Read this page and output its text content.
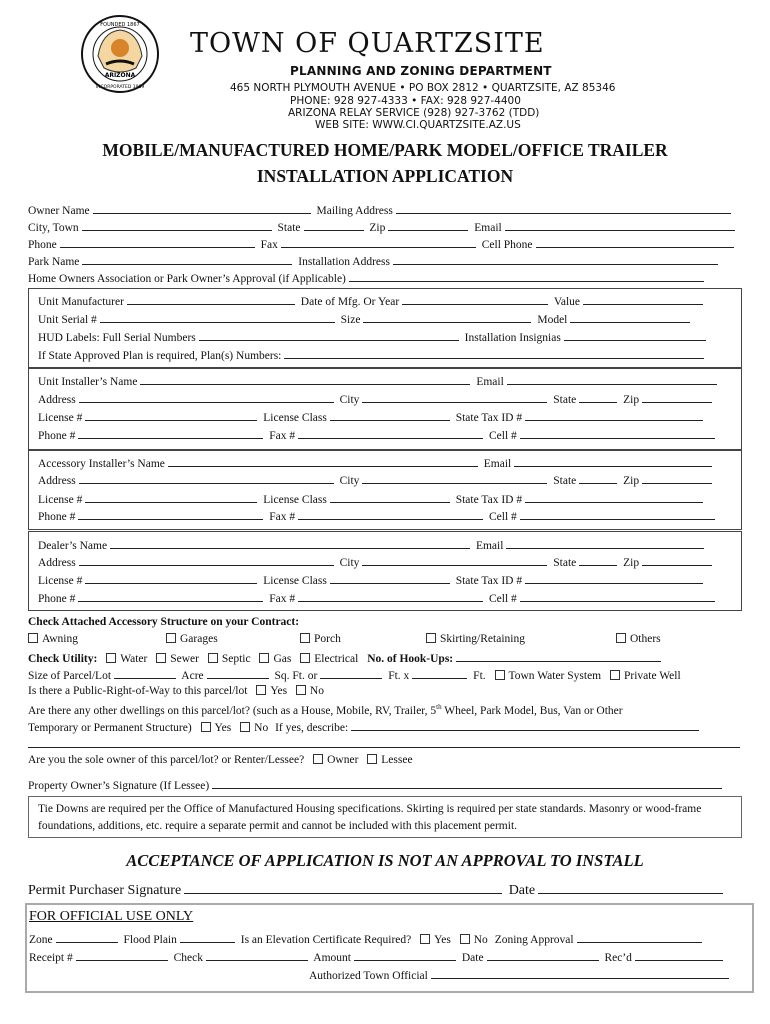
FOUNDED 1867
ARIZONA
INCORPORATED 1989
TOWN OF QUARTZSITE
PLANNING AND ZONING DEPARTMENT
465 NORTH PLYMOUTH AVENUE • PO BOX 2812 • QUARTZSITE, AZ 85346
PHONE: 928 927-4333 • FAX: 928 927-4400
ARIZONA RELAY SERVICE (928) 927-3762 (TDD)
WEB SITE: WWW.CI.QUARTZSITE.AZ.US
MOBILE/MANUFACTURED HOME/PARK MODEL/OFFICE TRAILER
INSTALLATION APPLICATION
Owner Name	Mailing Address
City, Town	State	Zip	Email
Phone	Fax	Cell Phone
Park Name	Installation Address
Home Owners Association or Park Owner’s Approval (if Applicable)
Unit Manufacturer	Date of Mfg. Or Year	Value
Unit Serial #	Size	Model
HUD Labels: Full Serial Numbers	Installation Insignias
If State Approved Plan is required, Plan(s) Numbers:
Unit Installer’s Name	Email
Address	City	State	Zip
License #	License Class	State Tax ID #
Phone #	Fax #	Cell #
Accessory Installer’s Name	Email
Address	City	State	Zip
License #	License Class	State Tax ID #
Phone #	Fax #	Cell #
Dealer’s Name	Email
Address	City	State	Zip
License #	License Class	State Tax ID #
Phone #	Fax #	Cell #
Check Attached Accessory Structure on your Contract:
Awning	Garages	Porch	Skirting/Retaining	Others
Check Utility: Water Sewer Septic Gas Electrical No. of Hook-Ups:
Size of Parcel/Lot	Acre	Sq. Ft. or	Ft. x	Ft. Town Water System Private Well
Is there a Public-Right-of-Way to this parcel/lot Yes No
Are there any other dwellings on this parcel/lot? (such as a House, Mobile, RV, Trailer, 5th Wheel, Park Model, Bus, Van or Other
Temporary or Permanent Structure) Yes No If yes, describe:
Are you the sole owner of this parcel/lot? or Renter/Lessee? Owner Lessee
Property Owner’s Signature (If Lessee)
Tie Downs are required per the Office of Manufactured Housing specifications. Skirting is required per state standards. Masonry or wood-frame foundations, additions, etc. require a separate permit and cannot be included with this placement permit.
ACCEPTANCE OF APPLICATION IS NOT AN APPROVAL TO INSTALL
Permit Purchaser Signature	Date
FOR OFFICIAL USE ONLY
Zone	Flood Plain	Is an Elevation Certificate Required? Yes No Zoning Approval
Receipt #	Check	Amount	Date	Rec’d
Authorized Town Official
